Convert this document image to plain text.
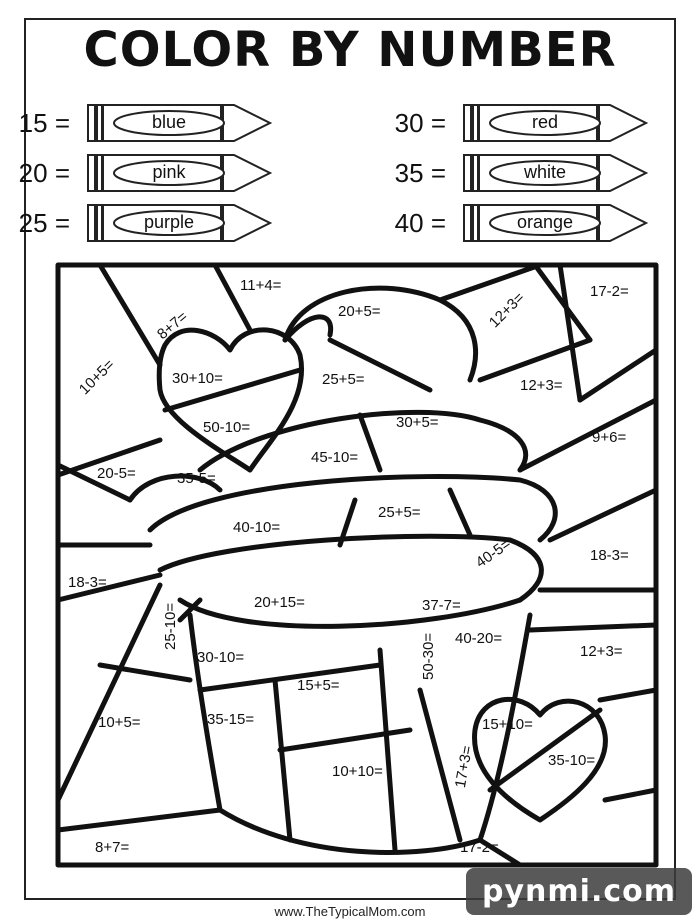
COLOR BY NUMBER
15 =	blue
20 =	pink
25 =	purple
30 =	red
35 =	white
40 =	orange
11+4=
8+7=
10+5=
20+5=	12+3=	17-2=
30+10=	25+5=	12+3=
50-10=	30+5=
9+6=
20-5=	35-5=
45-10=
40-10=
25+5=
40-5=
18-3=
18-3=
20+15=	37-7=
25-10=	40-20=
12+3=
30-10=
15+5=
50-30=
10+5=	35-15=	15+10=
35-10=
10+10=	17+3=
8+7=	17-2=
www.TheTypicalMom.com
pynmi.com
